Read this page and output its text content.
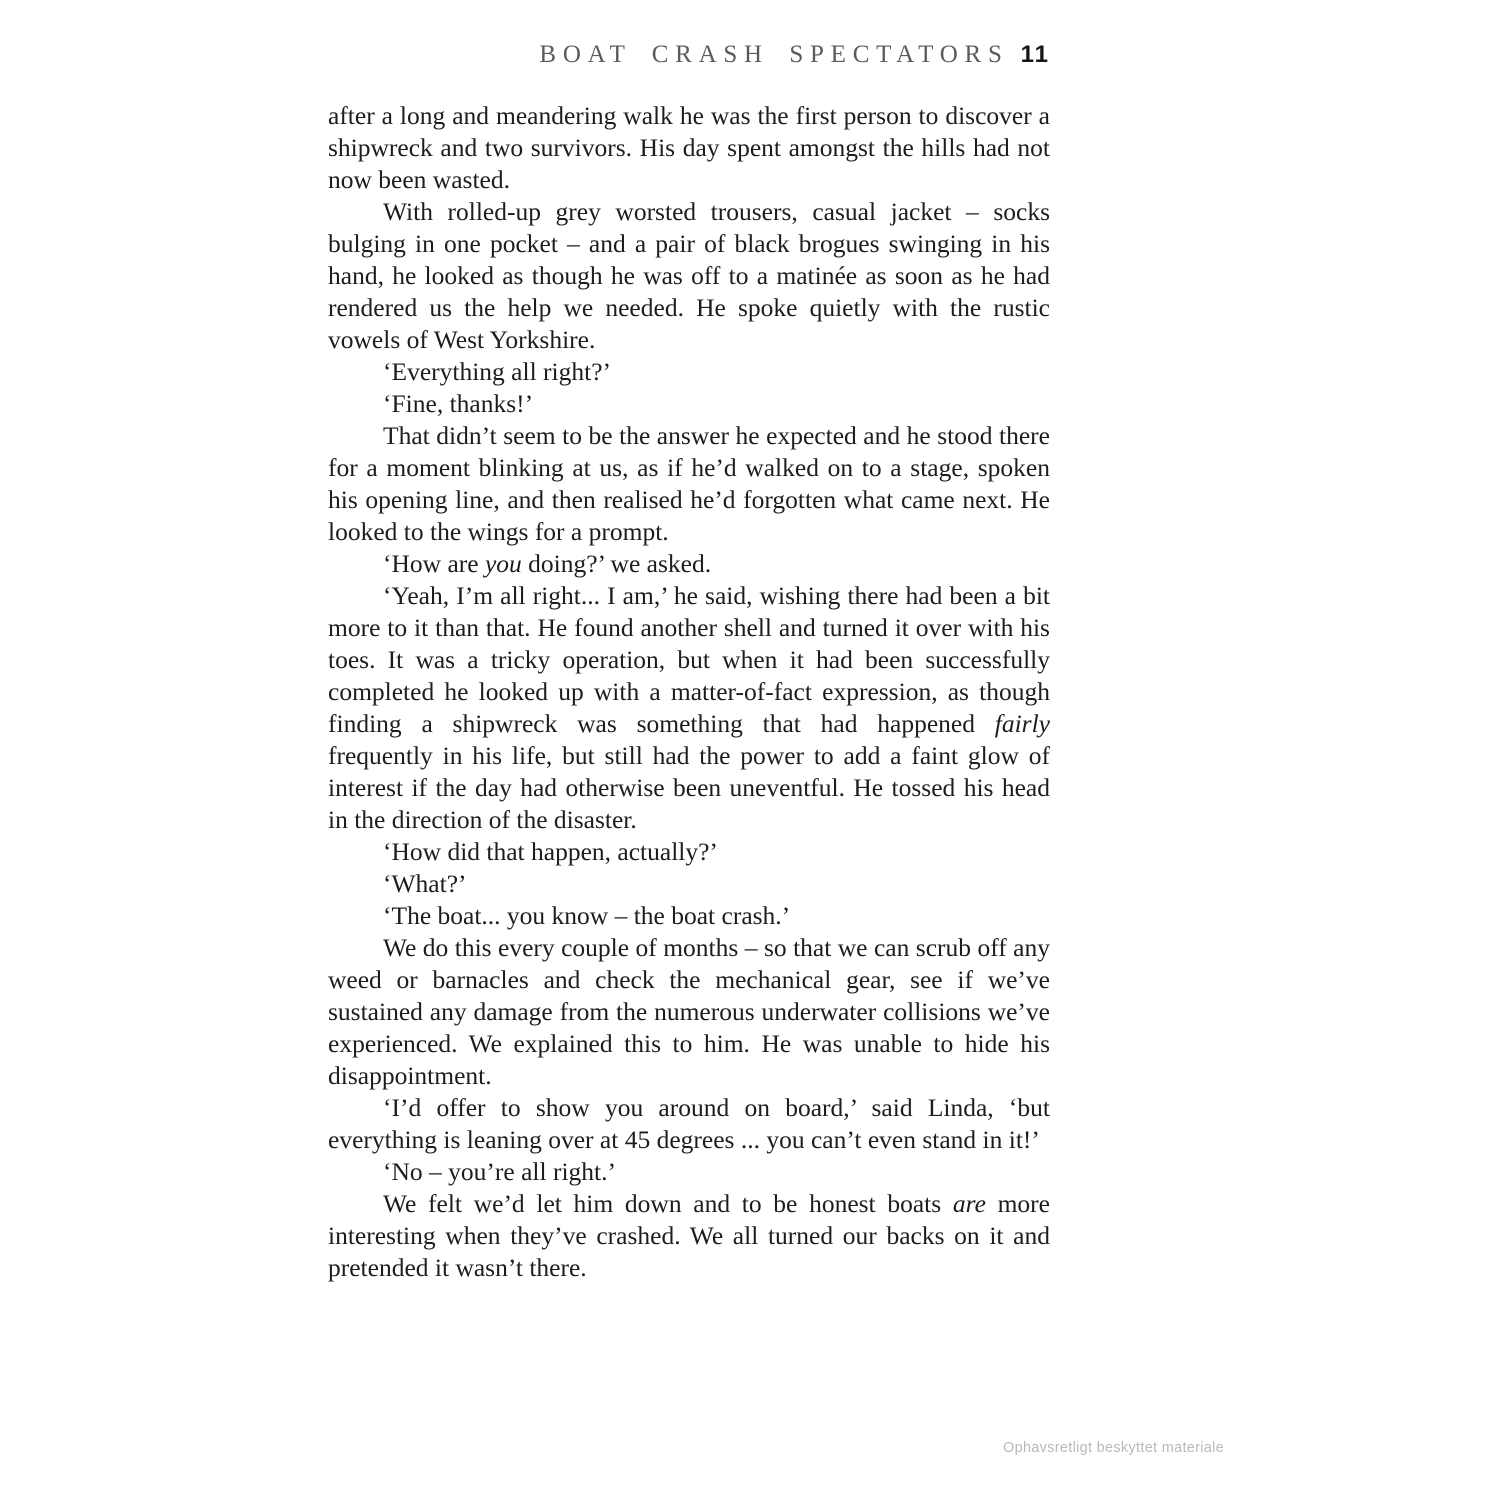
BOAT CRASH SPECTATORS 11

after a long and meandering walk he was the first person to discover a shipwreck and two survivors. His day spent amongst the hills had not now been wasted.

With rolled-up grey worsted trousers, casual jacket – socks bulging in one pocket – and a pair of black brogues swinging in his hand, he looked as though he was off to a matinée as soon as he had rendered us the help we needed. He spoke quietly with the rustic vowels of West Yorkshire.

‘Everything all right?’

‘Fine, thanks!’

That didn’t seem to be the answer he expected and he stood there for a moment blinking at us, as if he’d walked on to a stage, spoken his opening line, and then realised he’d forgotten what came next. He looked to the wings for a prompt.

‘How are you doing?’ we asked.

‘Yeah, I’m all right... I am,’ he said, wishing there had been a bit more to it than that. He found another shell and turned it over with his toes. It was a tricky operation, but when it had been successfully completed he looked up with a matter-of-fact expression, as though finding a shipwreck was something that had happened fairly frequently in his life, but still had the power to add a faint glow of interest if the day had otherwise been uneventful. He tossed his head in the direction of the disaster.

‘How did that happen, actually?’

‘What?’

‘The boat... you know – the boat crash.’

We do this every couple of months – so that we can scrub off any weed or barnacles and check the mechanical gear, see if we’ve sustained any damage from the numerous underwater collisions we’ve experienced. We explained this to him. He was unable to hide his disappointment.

‘I’d offer to show you around on board,’ said Linda, ‘but everything is leaning over at 45 degrees ... you can’t even stand in it!’

‘No – you’re all right.’

We felt we’d let him down and to be honest boats are more interesting when they’ve crashed. We all turned our backs on it and pretended it wasn’t there.

Ophavsretligt beskyttet materiale
